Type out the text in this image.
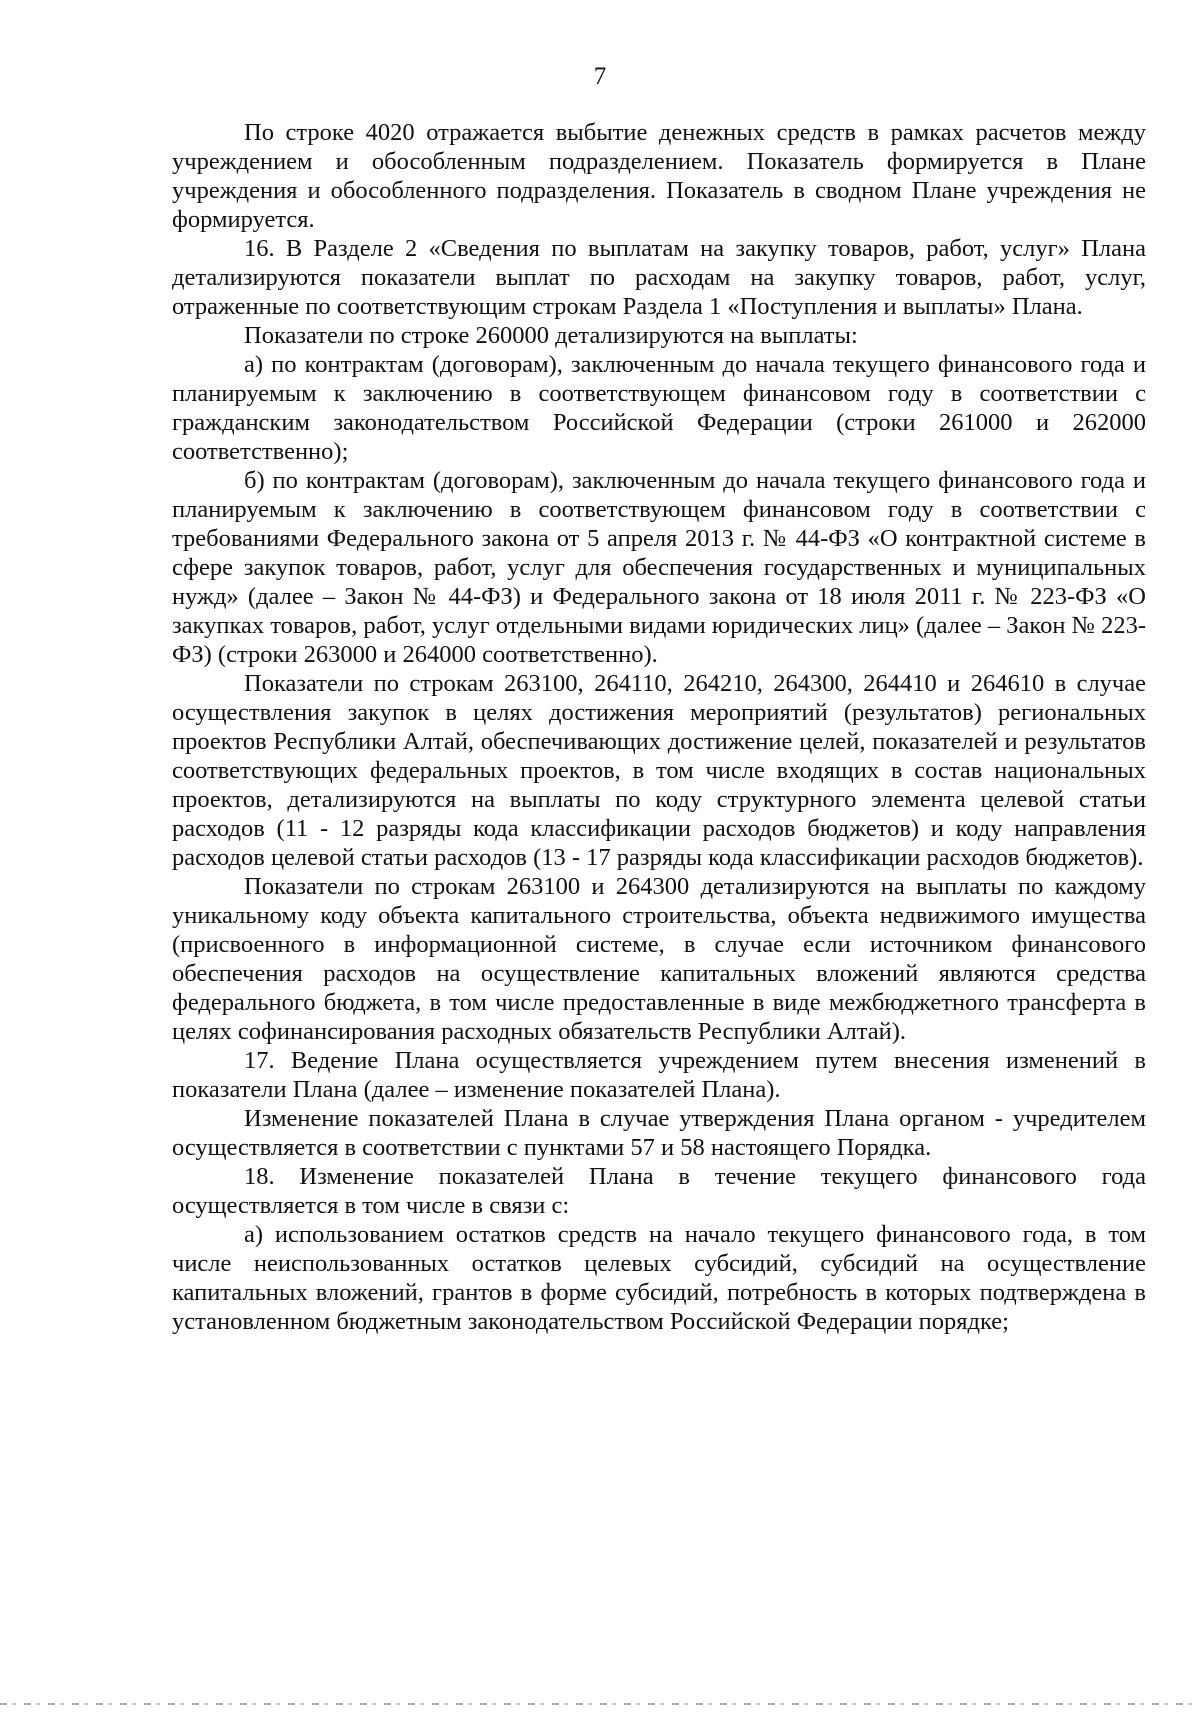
7

По строке 4020 отражается выбытие денежных средств в рамках расчетов между учреждением и обособленным подразделением. Показатель формируется в Плане учреждения и обособленного подразделения. Показатель в сводном Плане учреждения не формируется.

16. В Разделе 2 «Сведения по выплатам на закупку товаров, работ, услуг» Плана детализируются показатели выплат по расходам на закупку товаров, работ, услуг, отраженные по соответствующим строкам Раздела 1 «Поступления и выплаты» Плана.

Показатели по строке 260000 детализируются на выплаты:

а) по контрактам (договорам), заключенным до начала текущего финансового года и планируемым к заключению в соответствующем финансовом году в соответствии с гражданским законодательством Российской Федерации (строки 261000 и 262000 соответственно);

б) по контрактам (договорам), заключенным до начала текущего финансового года и планируемым к заключению в соответствующем финансовом году в соответствии с требованиями Федерального закона от 5 апреля 2013 г. № 44-ФЗ «О контрактной системе в сфере закупок товаров, работ, услуг для обеспечения государственных и муниципальных нужд» (далее – Закон № 44-ФЗ) и Федерального закона от 18 июля 2011 г. № 223-ФЗ «О закупках товаров, работ, услуг отдельными видами юридических лиц» (далее – Закон № 223-ФЗ) (строки 263000 и 264000 соответственно).

Показатели по строкам 263100, 264110, 264210, 264300, 264410 и 264610 в случае осуществления закупок в целях достижения мероприятий (результатов) региональных проектов Республики Алтай, обеспечивающих достижение целей, показателей и результатов соответствующих федеральных проектов, в том числе входящих в состав национальных проектов, детализируются на выплаты по коду структурного элемента целевой статьи расходов (11 - 12 разряды кода классификации расходов бюджетов) и коду направления расходов целевой статьи расходов (13 - 17 разряды кода классификации расходов бюджетов).

Показатели по строкам 263100 и 264300 детализируются на выплаты по каждому уникальному коду объекта капитального строительства, объекта недвижимого имущества (присвоенного в информационной системе, в случае если источником финансового обеспечения расходов на осуществление капитальных вложений являются средства федерального бюджета, в том числе предоставленные в виде межбюджетного трансферта в целях софинансирования расходных обязательств Республики Алтай).

17. Ведение Плана осуществляется учреждением путем внесения изменений в показатели Плана (далее – изменение показателей Плана).

Изменение показателей Плана в случае утверждения Плана органом - учредителем осуществляется в соответствии с пунктами 57 и 58 настоящего Порядка.

18. Изменение показателей Плана в течение текущего финансового года осуществляется в том числе в связи с:

а) использованием остатков средств на начало текущего финансового года, в том числе неиспользованных остатков целевых субсидий, субсидий на осуществление капитальных вложений, грантов в форме субсидий, потребность в которых подтверждена в установленном бюджетным законодательством Российской Федерации порядке;
